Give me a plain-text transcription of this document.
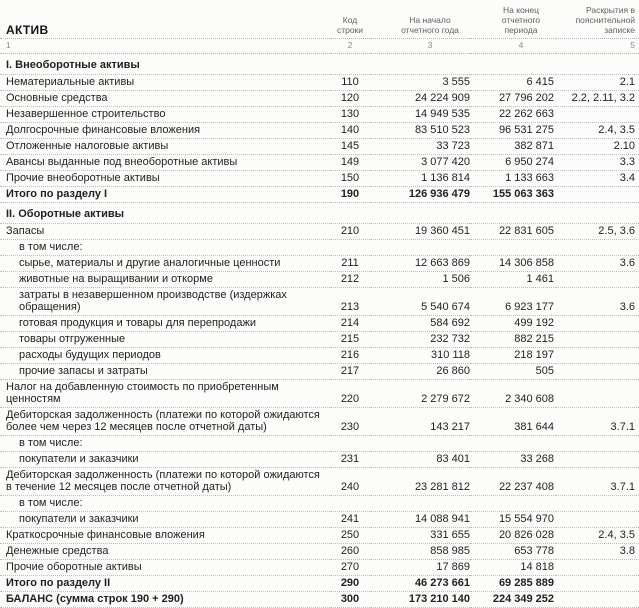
АКТИВ	Код строки	На начало отчетного года	На конец отчетного периода	Раскрытия в пояснительной записке
1	2	3	4	5
I. Внеоборотные активы				
Нематериальные активы	110	3 555	6 415	2.1
Основные средства	120	24 224 909	27 796 202	2.2, 2.11, 3.2
Незавершенное строительство	130	14 949 535	22 262 663	
Долгосрочные финансовые вложения	140	83 510 523	96 531 275	2.4, 3.5
Отложенные налоговые активы	145	33 723	382 871	2.10
Авансы выданные под внеоборотные активы	149	3 077 420	6 950 274	3.3
Прочие внеоборотные активы	150	1 136 814	1 133 663	3.4
Итого по разделу I	190	126 936 479	155 063 363	
II. Оборотные активы				
Запасы	210	19 360 451	22 831 605	2.5, 3.6
в том числе:				
сырье, материалы и другие аналогичные ценности	211	12 663 869	14 306 858	3.6
животные на выращивании и откорме	212	1 506	1 461	
затраты в незавершенном производстве (издержках обращения)	213	5 540 674	6 923 177	3.6
готовая продукция и товары для перепродажи	214	584 692	499 192	
товары отгруженные	215	232 732	882 215	
расходы будущих периодов	216	310 118	218 197	
прочие запасы и затраты	217	26 860	505	
Налог на добавленную стоимость по приобретенным ценностям	220	2 279 672	2 340 608	
Дебиторская задолженность (платежи по которой ожидаются более чем через 12 месяцев после отчетной даты)	230	143 217	381 644	3.7.1
в том числе:				
покупатели и заказчики	231	83 401	33 268	
Дебиторская задолженность (платежи по которой ожидаются в течение 12 месяцев после отчетной даты)	240	23 281 812	22 237 408	3.7.1
в том числе:				
покупатели и заказчики	241	14 088 941	15 554 970	
Краткосрочные финансовые вложения	250	331 655	20 826 028	2.4, 3.5
Денежные средства	260	858 985	653 778	3.8
Прочие оборотные активы	270	17 869	14 818	
Итого по разделу II	290	46 273 661	69 285 889	
БАЛАНС (сумма строк 190 + 290)	300	173 210 140	224 349 252	
